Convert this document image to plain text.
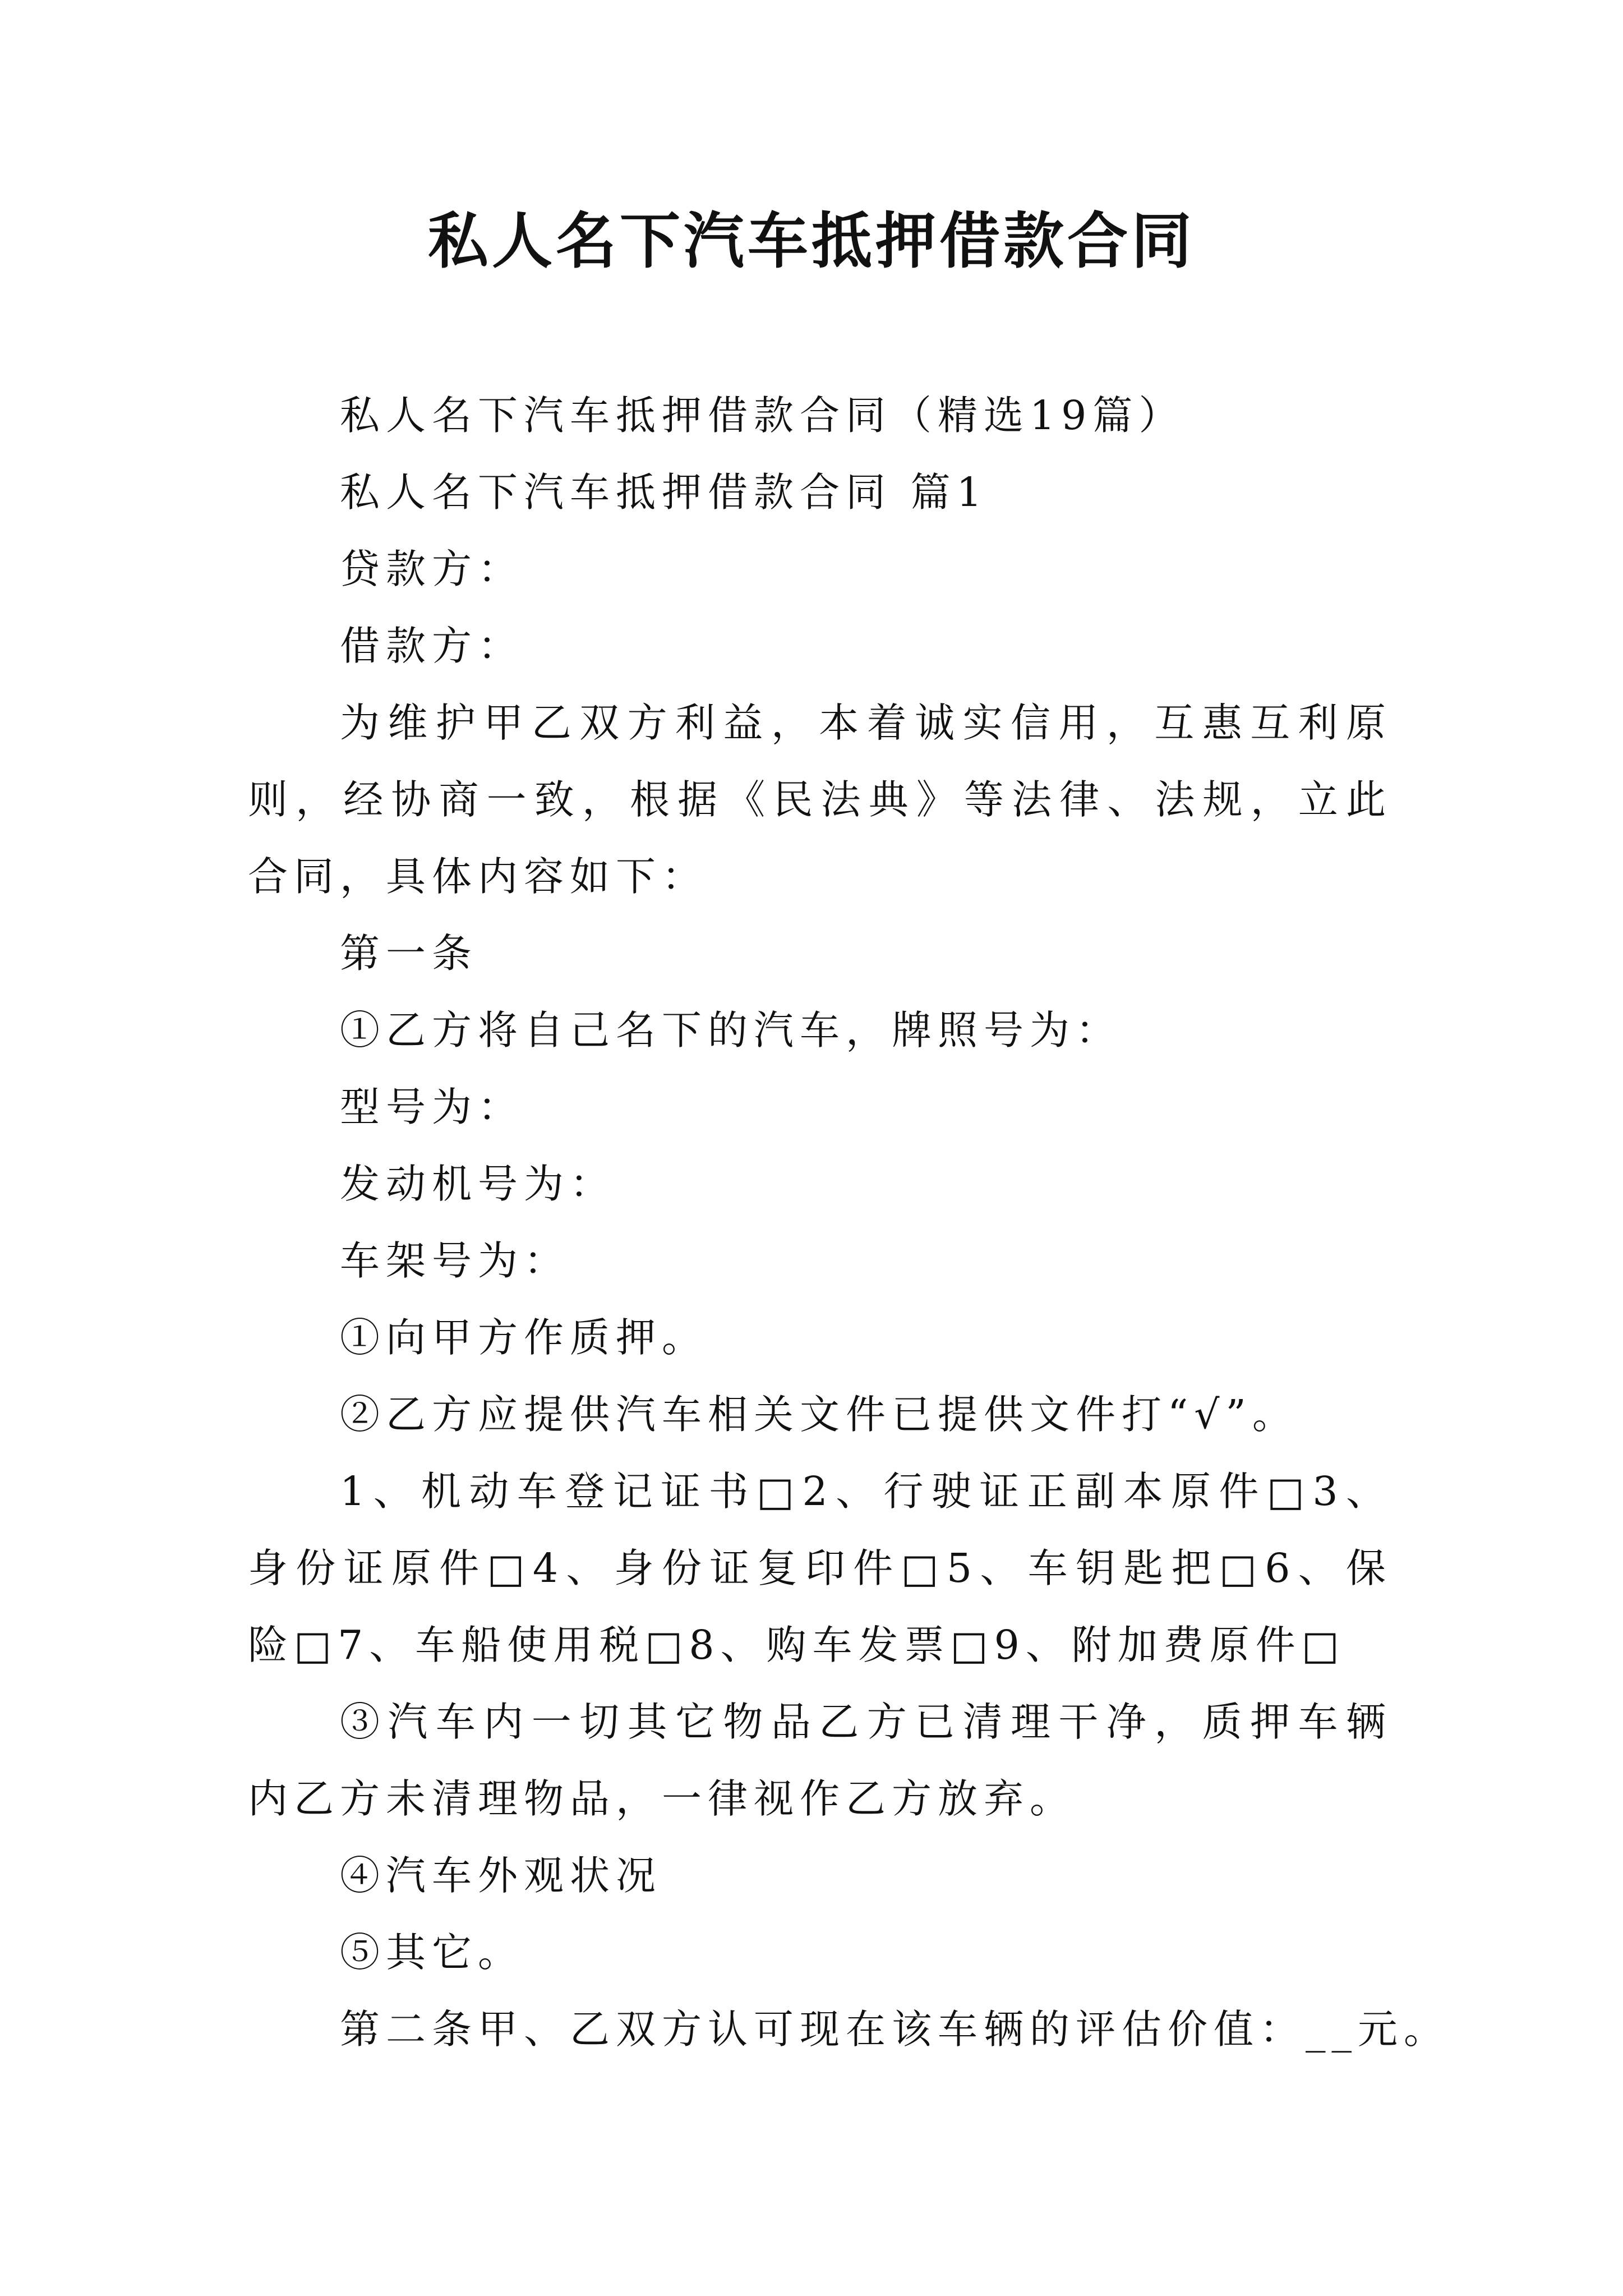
私人名下汽车抵押借款合同

私人名下汽车抵押借款合同（精选19篇）

私人名下汽车抵押借款合同 篇1

贷款方：

借款方：

为维护甲乙双方利益，本着诚实信用，互惠互利原则，经协商一致，根据《民法典》等法律、法规，立此合同，具体内容如下：

第一条

①乙方将自己名下的汽车，牌照号为：

型号为：

发动机号为：

车架号为：

①向甲方作质押。

②乙方应提供汽车相关文件已提供文件打“√”。

1、机动车登记证书□2、行驶证正副本原件□3、身份证原件□4、身份证复印件□5、车钥匙把□6、保险□7、车船使用税□8、购车发票□9、附加费原件□

③汽车内一切其它物品乙方已清理干净，质押车辆内乙方未清理物品，一律视作乙方放弃。

④汽车外观状况

⑤其它。

第二条甲、乙双方认可现在该车辆的评估价值：__元。
